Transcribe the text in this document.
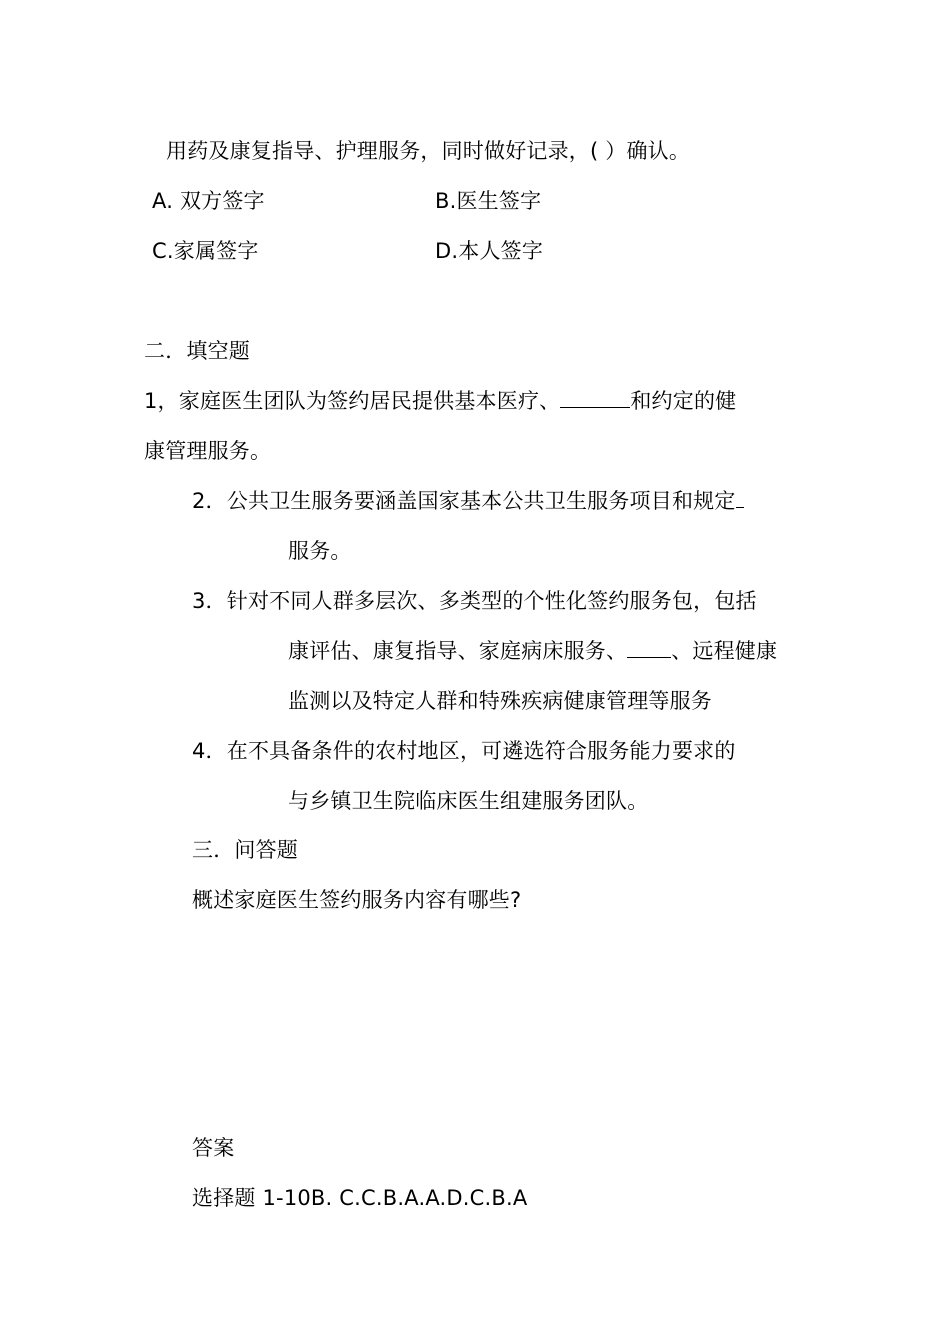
用药及康复指导、护理服务，同时做好记录，( ）确认。
A. 双方签字	B.医生签字
C.家属签字	D.本人签字
二．填空题
1，家庭医生团队为签约居民提供基本医疗、	和约定的健
康管理服务。
2．公共卫生服务要涵盖国家基本公共卫生服务项目和规定
服务。
3．针对不同人群多层次、多类型的个性化签约服务包，包括
康评估、康复指导、家庭病床服务、 、远程健康
监测以及特定人群和特殊疾病健康管理等服务
4．在不具备条件的农村地区，可遴选符合服务能力要求的
与乡镇卫生院临床医生组建服务团队。
三．问答题
概述家庭医生签约服务内容有哪些?
答案
选择题 1-10B. C.C.B.A.A.D.C.B.A
